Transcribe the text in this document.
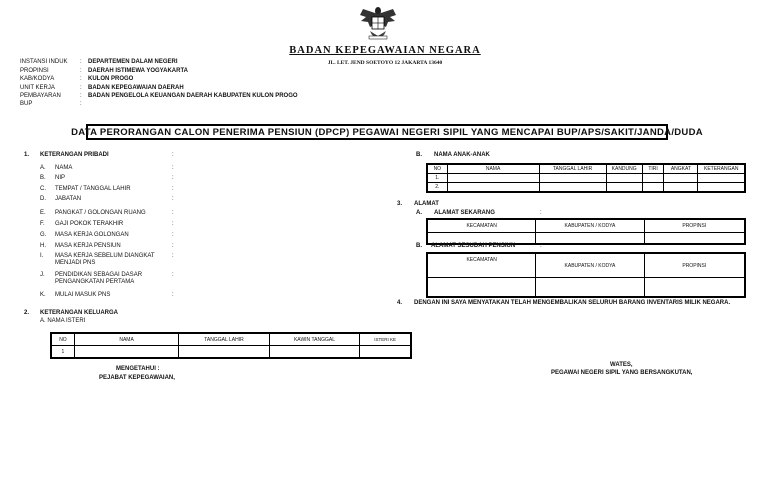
BADAN KEPEGAWAIAN NEGARA
JL. LET. JEND SOETOYO 12 JAKARTA 13640
INSTANSI INDUK	: DEPARTEMEN DALAM NEGERI
PROPINSI	: DAERAH ISTIMEWA YOGYAKARTA
KAB/KODYA	: KULON PROGO
UNIT KERJA	: BADAN KEPEGAWAIAN DAERAH
PEMBAYARAN	: BADAN PENGELOLA KEUANGAN DAERAH KABUPATEN KULON PROGO
BUP	:
DATA PERORANGAN CALON PENERIMA PENSIUN (DPCP) PEGAWAI NEGERI SIPIL YANG MENCAPAI BUP/APS/SAKIT/JANDA/DUDA
1. KETERANGAN PRIBADI	:
A. NAMA	:
B. NIP	:
C. TEMPAT / TANGGAL LAHIR	:
D. JABATAN	:
E. PANGKAT / GOLONGAN RUANG	:
F. GAJI POKOK TERAKHIR	:
G. MASA KERJA GOLONGAN	:
H. MASA KERJA PENSIUN	:
I. MASA KERJA SEBELUM DIANGKAT MENJADI PNS
:
J. PENDIDIKAN SEBAGAI DASAR PENGANGKATAN PERTAMA
:
K. MULAI MASUK PNS	:
2. KETERANGAN KELUARGA
A. NAMA ISTERI
NO	NAMA	TANGGAL LAHIR	KAWIN TANGGAL	ISTERI KE
1				
MENGETAHUI :
PEJABAT KEPEGAWAIAN,
B. NAMA ANAK-ANAK
NO	NAMA	TANGGAL LAHIR	KANDUNG	TIRI	ANGKAT	KETERANGAN
1.						
2.						
3. ALAMAT
A. ALAMAT SEKARANG	:
KECAMATAN	KABUPATEN / KODYA	PROPINSI

B. ALAMAT SESUDAH PENSIUN	:
KECAMATAN	KABUPATEN / KODYA	PROPINSI

4. DENGAN INI SAYA MENYATAKAN TELAH MENGEMBALIKAN SELURUH BARANG INVENTARIS MILIK NEGARA.
WATES,
PEGAWAI NEGERI SIPIL YANG BERSANGKUTAN,
